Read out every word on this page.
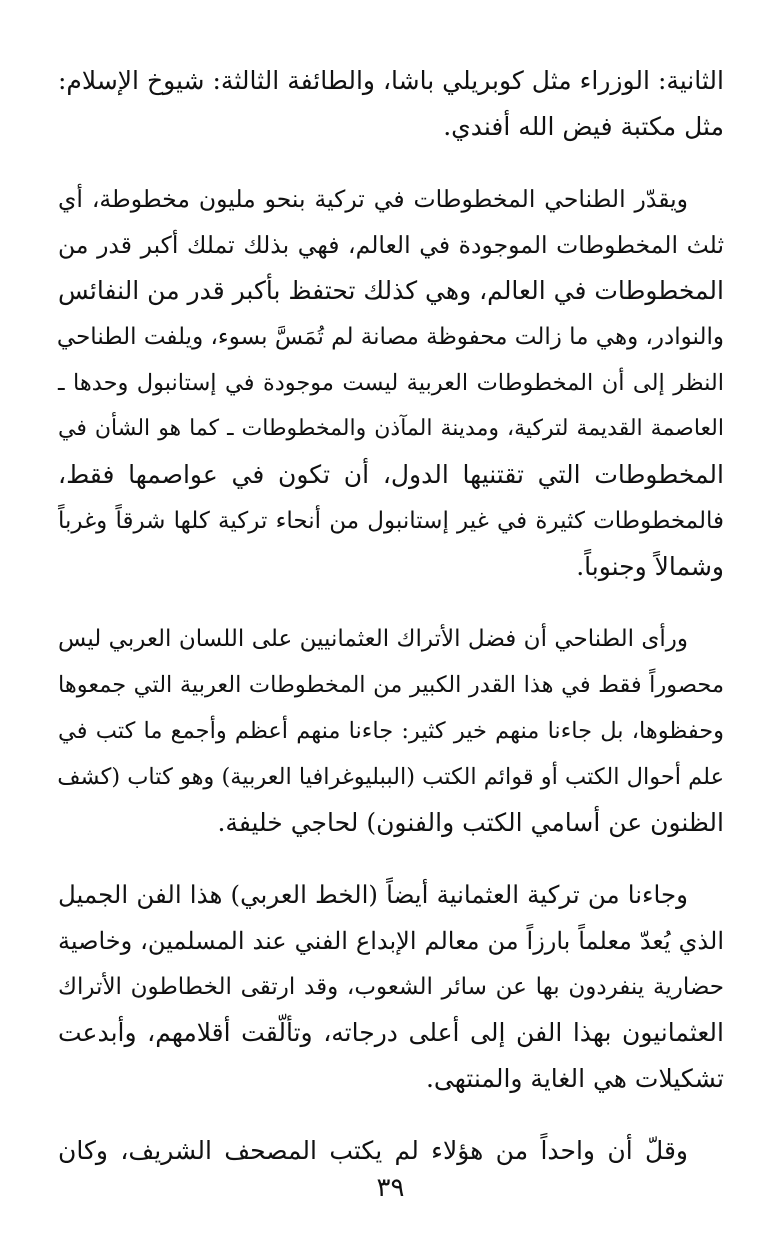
الثانية: الوزراء مثل كوبريلي باشا، والطائفة الثالثة: شيوخ الإسلام:
مثل مكتبة فيض الله أفندي.
ويقدّر الطناحي المخطوطات في تركية بنحو مليون مخطوطة، أي
ثلث المخطوطات الموجودة في العالم، فهي بذلك تملك أكبر قدر من
المخطوطات في العالم، وهي كذلك تحتفظ بأكبر قدر من النفائس
والنوادر، وهي ما زالت محفوظة مصانة لم تُمَسَّ بسوء، ويلفت الطناحي
النظر إلى أن المخطوطات العربية ليست موجودة في إستانبول وحدها ـ
العاصمة القديمة لتركية، ومدينة المآذن والمخطوطات ـ كما هو الشأن في
المخطوطات التي تقتنيها الدول، أن تكون في عواصمها فقط،
فالمخطوطات كثيرة في غير إستانبول من أنحاء تركية كلها شرقاً وغرباً
وشمالاً وجنوباً.
ورأى الطناحي أن فضل الأتراك العثمانيين على اللسان العربي ليس
محصوراً فقط في هذا القدر الكبير من المخطوطات العربية التي جمعوها
وحفظوها، بل جاءنا منهم خير كثير: جاءنا منهم أعظم وأجمع ما كتب في
علم أحوال الكتب أو قوائم الكتب (الببليوغرافيا العربية) وهو كتاب (كشف
الظنون عن أسامي الكتب والفنون) لحاجي خليفة.
وجاءنا من تركية العثمانية أيضاً (الخط العربي) هذا الفن الجميل
الذي يُعدّ معلماً بارزاً من معالم الإبداع الفني عند المسلمين، وخاصية
حضارية ينفردون بها عن سائر الشعوب، وقد ارتقى الخطاطون الأتراك
العثمانيون بهذا الفن إلى أعلى درجاته، وتألّقت أقلامهم، وأبدعت
تشكيلات هي الغاية والمنتهى.
وقلّ أن واحداً من هؤلاء لم يكتب المصحف الشريف، وكان
٣٩
